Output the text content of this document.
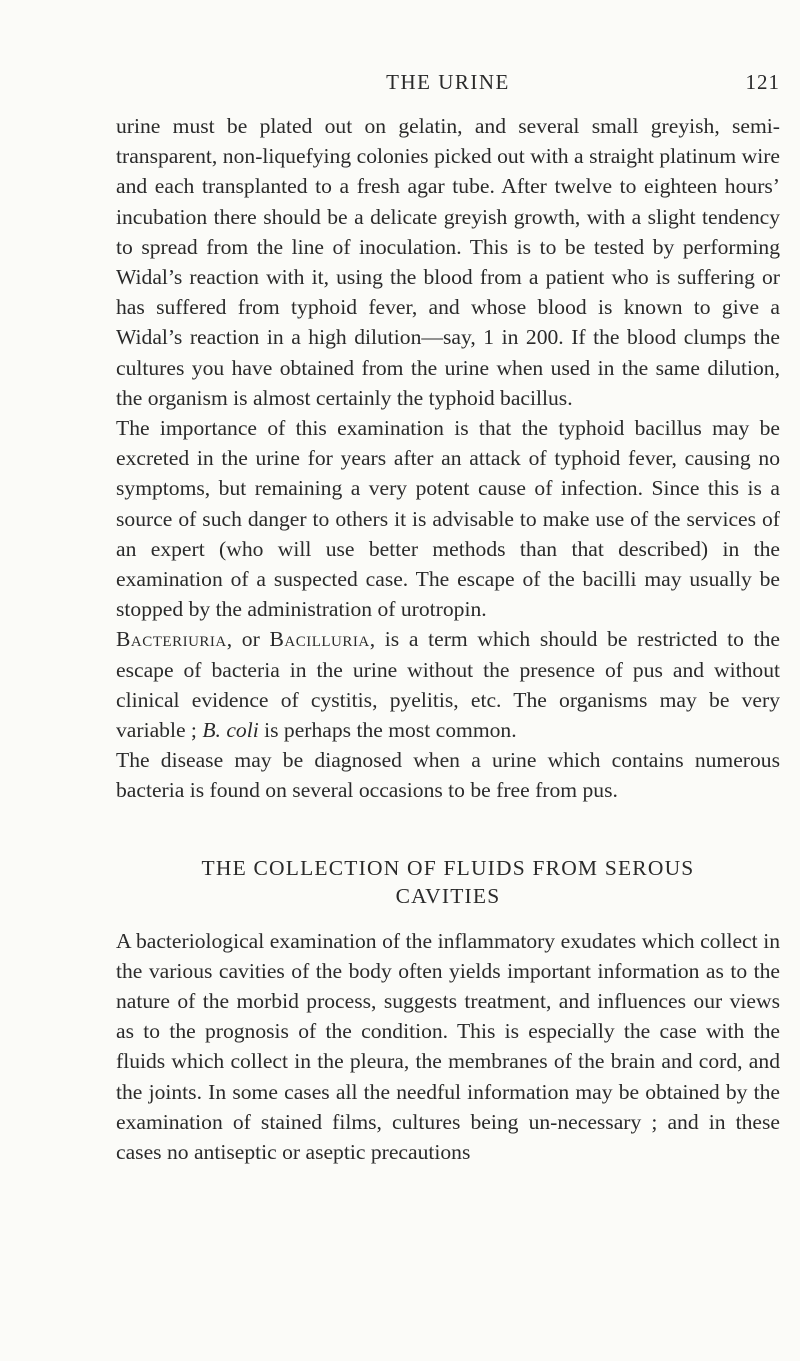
THE URINE	121

urine must be plated out on gelatin, and several small greyish, semi-transparent, non-liquefying colonies picked out with a straight platinum wire and each transplanted to a fresh agar tube. After twelve to eighteen hours’ incubation there should be a delicate greyish growth, with a slight tendency to spread from the line of inoculation. This is to be tested by performing Widal’s reaction with it, using the blood from a patient who is suffering or has suffered from typhoid fever, and whose blood is known to give a Widal’s reaction in a high dilution—say, 1 in 200. If the blood clumps the cultures you have obtained from the urine when used in the same dilution, the organism is almost certainly the typhoid bacillus.

The importance of this examination is that the typhoid bacillus may be excreted in the urine for years after an attack of typhoid fever, causing no symptoms, but remaining a very potent cause of infection. Since this is a source of such danger to others it is advisable to make use of the services of an expert (who will use better methods than that described) in the examination of a suspected case. The escape of the bacilli may usually be stopped by the administration of urotropin.

Bacteriuria, or Bacilluria, is a term which should be restricted to the escape of bacteria in the urine without the presence of pus and without clinical evidence of cystitis, pyelitis, etc. The organisms may be very variable ; B. coli is perhaps the most common.

The disease may be diagnosed when a urine which contains numerous bacteria is found on several occasions to be free from pus.

THE COLLECTION OF FLUIDS FROM SEROUS
CAVITIES

A bacteriological examination of the inflammatory exudates which collect in the various cavities of the body often yields important information as to the nature of the morbid process, suggests treatment, and influences our views as to the prognosis of the condition. This is especially the case with the fluids which collect in the pleura, the membranes of the brain and cord, and the joints. In some cases all the needful information may be obtained by the examination of stained films, cultures being un-necessary ; and in these cases no antiseptic or aseptic precautions
